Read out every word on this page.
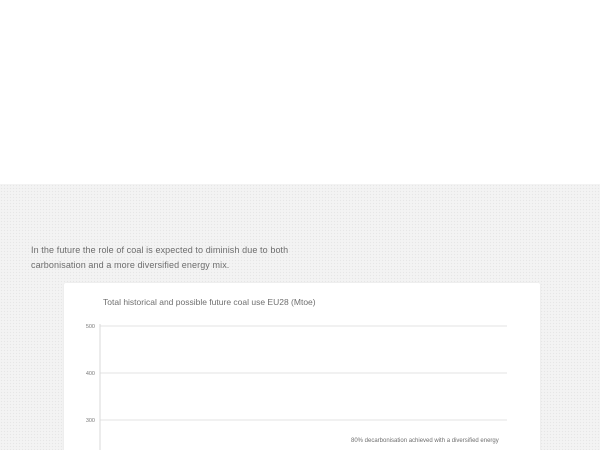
In the future the role of coal is expected to diminish due to both
carbonisation and a more diversified energy mix.

Total historical and possible future coal use EU28 (Mtoe)
500
400
300
80% decarbonisation achieved with a diversified energy
